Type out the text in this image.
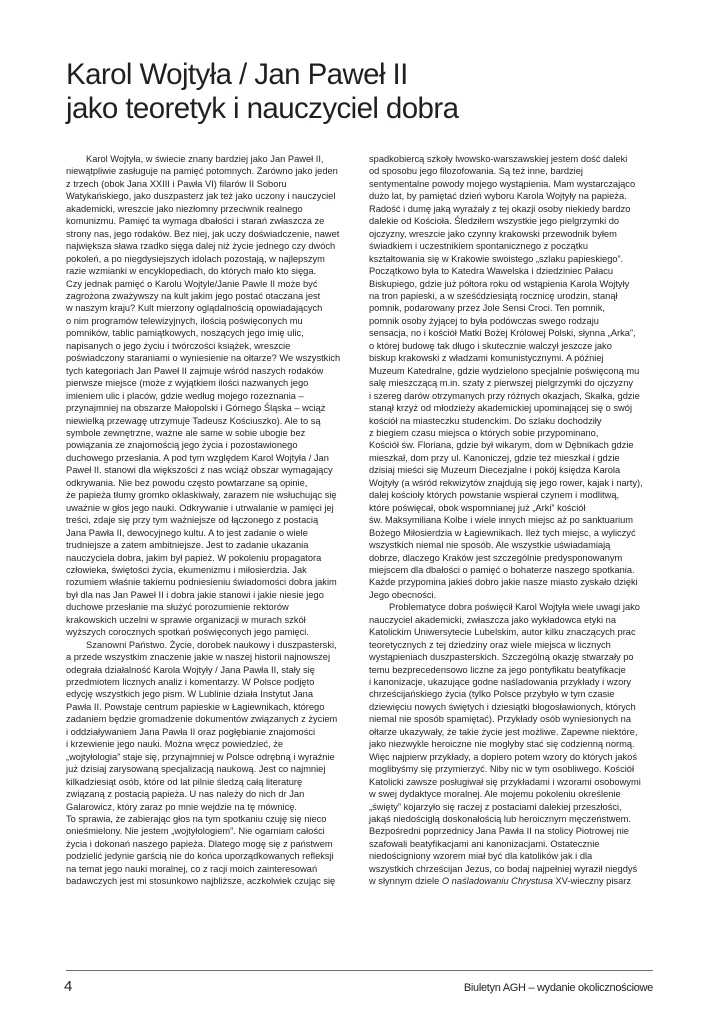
Karol Wojtyła / Jan Paweł II
jako teoretyk i nauczyciel dobra
Karol Wojtyła, w świecie znany bardziej jako Jan Paweł II,
niewątpliwie zasługuje na pamięć potomnych. Zarówno jako jeden
z trzech (obok Jana XXIII i Pawła VI) filarów II Soboru
Watykańskiego, jako duszpasterz jak też jako uczony i nauczyciel
akademicki, wreszcie jako niezłomny przeciwnik realnego
komunizmu. Pamięć ta wymaga dbałości i starań zwłaszcza ze
strony nas, jego rodaków. Bez niej, jak uczy doświadczenie, nawet
największa sława rzadko sięga dalej niż życie jednego czy dwóch
pokoleń, a po niegdysiejszych idolach pozostają, w najlepszym
razie wzmianki w encyklopediach, do których mało kto sięga.
Czy jednak pamięć o Karolu Wojtyle/Janie Pawle II może być
zagrożona zważywszy na kult jakim jego postać otaczana jest
w naszym kraju? Kult mierzony oglądalnością opowiadających
o nim programów telewizyjnych, ilością poświęconych mu
pomników, tablic pamiątkowych, noszących jego imię ulic,
napisanych o jego życiu i twórczości książek, wreszcie
poświadczony staraniami o wyniesienie na ołtarze? We wszystkich
tych kategoriach Jan Paweł II zajmuje wśród naszych rodaków
pierwsze miejsce (może z wyjątkiem ilości nazwanych jego
imieniem ulic i placów, gdzie według mojego rozeznania –
przynajmniej na obszarze Małopolski i Górnego Śląska – wciąż
niewielką przewagę utrzymuje Tadeusz Kościuszko). Ale to są
symbole zewnętrzne, ważne ale same w sobie ubogie bez
powiązania ze znajomością jego życia i pozostawionego
duchowego przesłania. A pod tym względem Karol Wojtyła / Jan
Paweł II. stanowi dla większości z nas wciąż obszar wymagający
odkrywania. Nie bez powodu często powtarzane są opinie,
że papieża tłumy gromko oklaskiwały, zarazem nie wsłuchując się
uważnie w głos jego nauki. Odkrywanie i utrwalanie w pamięci jej
treści, zdaje się przy tym ważniejsze od łączonego z postacią
Jana Pawła II, dewocyjnego kultu. A to jest zadanie o wiele
trudniejsze a zatem ambitniejsze. Jest to zadanie ukazania
nauczyciela dobra, jakim był papież. W pokoleniu propagatora
człowieka, świętości życia, ekumenizmu i miłosierdzia. Jak
rozumiem właśnie takiemu podniesieniu świadomości dobra jakim
był dla nas Jan Paweł II i dobra jakie stanowi i jakie niesie jego
duchowe przesłanie ma służyć porozumienie rektorów
krakowskich uczelni w sprawie organizacji w murach szkół
wyższych corocznych spotkań poświęconych jego pamięci.
Szanowni Państwo. Życie, dorobek naukowy i duszpasterski,
a przede wszystkim znaczenie jakie w naszej historii najnowszej
odegrała działalność Karola Wojtyły / Jana Pawła II, stały się
przedmiotem licznych analiz i komentarzy. W Polsce podjęto
edycję wszystkich jego pism. W Lublinie działa Instytut Jana
Pawła II. Powstaje centrum papieskie w Łagiewnikach, którego
zadaniem będzie gromadzenie dokumentów związanych z życiem
i oddziaływaniem Jana Pawła II oraz pogłębianie znajomości
i krzewienie jego nauki. Można wręcz powiedzieć, że
„wojtyłologia” staje się, przynajmniej w Polsce odrębną i wyraźnie
już dzisiaj zarysowaną specjalizacją naukową. Jest co najmniej
kilkadziesiąt osób, które od lat pilnie śledzą całą literaturę
związaną z postacią papieża. U nas należy do nich dr Jan
Galarowicz, który zaraz po mnie wejdzie na tę mównicę.
To sprawia, że zabierając głos na tym spotkaniu czuję się nieco
onieśmielony. Nie jestem „wojtyłologiem”. Nie ogarniam całości
życia i dokonań naszego papieża. Dlatego mogę się z państwem
podzielić jedynie garścią nie do końca uporządkowanych refleksji
na temat jego nauki moralnej, co z racji moich zainteresowań
badawczych jest mi stosunkowo najbliższe, aczkolwiek czując się
spadkobiercą szkoły lwowsko-warszawskiej jestem dość daleki
od sposobu jego filozofowania. Są też inne, bardziej
sentymentalne powody mojego wystąpienia. Mam wystarczająco
dużo lat, by pamiętać dzień wyboru Karola Wojtyły na papieża.
Radość i dumę jaką wyrażały z tej okazji osoby niekiedy bardzo
dalekie od Kościoła. Śledziłem wszystkie jego pielgrzymki do
ojczyzny, wreszcie jako czynny krakowski przewodnik byłem
świadkiem i uczestnikiem spontanicznego z początku
kształtowania się w Krakowie swoistego „szlaku papieskiego”.
Początkowo była to Katedra Wawelska i dziedziniec Pałacu
Biskupiego, gdzie już półtora roku od wstąpienia Karola Wojtyły
na tron papieski, a w sześćdziesiątą rocznicę urodzin, stanął
pomnik, podarowany przez Jole Sensi Croci. Ten pomnik,
pomnik osoby żyjącej to była podówczas swego rodzaju
sensacja, no i kościół Matki Bożej Królowej Polski, słynna „Arka”,
o której budowę tak długo i skutecznie walczył jeszcze jako
biskup krakowski z władzami komunistycznymi. A później
Muzeum Katedralne, gdzie wydzielono specjalnie poświęconą mu
salę mieszczącą m.in. szaty z pierwszej pielgrzymki do ojczyzny
i szereg darów otrzymanych przy różnych okazjach, Skałka, gdzie
stanął krzyż od młodzieży akademickiej upominającej się o swój
kościół na miasteczku studenckim. Do szlaku dochodziły
z biegiem czasu miejsca o których sobie przypominano,
Kościół św. Floriana, gdzie był wikarym, dom w Dębnikach gdzie
mieszkał, dom przy ul. Kanoniczej, gdzie też mieszkał i gdzie
dzisiaj mieści się Muzeum Diecezjalne i pokój księdza Karola
Wojtyły (a wśród rekwizytów znajdują się jego rower, kajak i narty),
dalej kościoły których powstanie wspierał czynem i modlitwą,
które poświęcał, obok wspomnianej już „Arki” kościół
św. Maksymiliana Kolbe i wiele innych miejsc aż po sanktuarium
Bożego Miłosierdzia w Łagiewnikach. Ileż tych miejsc, a wyliczyć
wszystkich niemal nie sposób. Ale wszystkie uświadamiają
dobrze, dlaczego Kraków jest szczególnie predysponowanym
miejscem dla dbałości o pamięć o bohaterze naszego spotkania.
Każde przypomina jakieś dobro jakie nasze miasto zyskało dzięki
Jego obecności.
Problematyce dobra poświęcił Karol Wojtyła wiele uwagi jako
nauczyciel akademicki, zwłaszcza jako wykładowca etyki na
Katolickim Uniwersytecie Lubelskim, autor kilku znaczących prac
teoretycznych z tej dziedziny oraz wiele miejsca w licznych
wystąpieniach duszpasterskich. Szczególną okazję stwarzały po
temu bezprecedensowo liczne za jego pontyfikatu beatyfikacje
i kanonizacje, ukazujące godne naśladowania przykłady i wzory
chrześcijańskiego życia (tylko Polsce przybyło w tym czasie
dziewięciu nowych świętych i dziesiątki błogosławionych, których
niemal nie sposób spamiętać). Przykłady osób wyniesionych na
ołtarze ukazywały, że takie życie jest możliwe. Zapewne niektóre,
jako niezwykle heroiczne nie mogłyby stać się codzienną normą.
Więc najpierw przykłady, a dopiero potem wzory do których jakoś
moglibyśmy się przymierzyć. Niby nic w tym osobliwego. Kościół
Katolicki zawsze posługiwał się przykładami i wzorami osobowymi
w swej dydaktyce moralnej. Ale mojemu pokoleniu określenie
„święty” kojarzyło się raczej z postaciami dalekiej przeszłości,
jakąś niedościgłą doskonałością lub heroicznym męczeństwem.
Bezpośredni poprzednicy Jana Pawła II na stolicy Piotrowej nie
szafowali beatyfikacjami ani kanonizacjami. Ostatecznie
niedościgniony wzorem miał być dla katolików jak i dla
wszystkich chrześcijan Jezus, co bodaj najpełniej wyraził niegdyś
w słynnym dziele O naśladowaniu Chrystusa XV-wieczny pisarz
4	Biuletyn AGH – wydanie okolicznościowe
